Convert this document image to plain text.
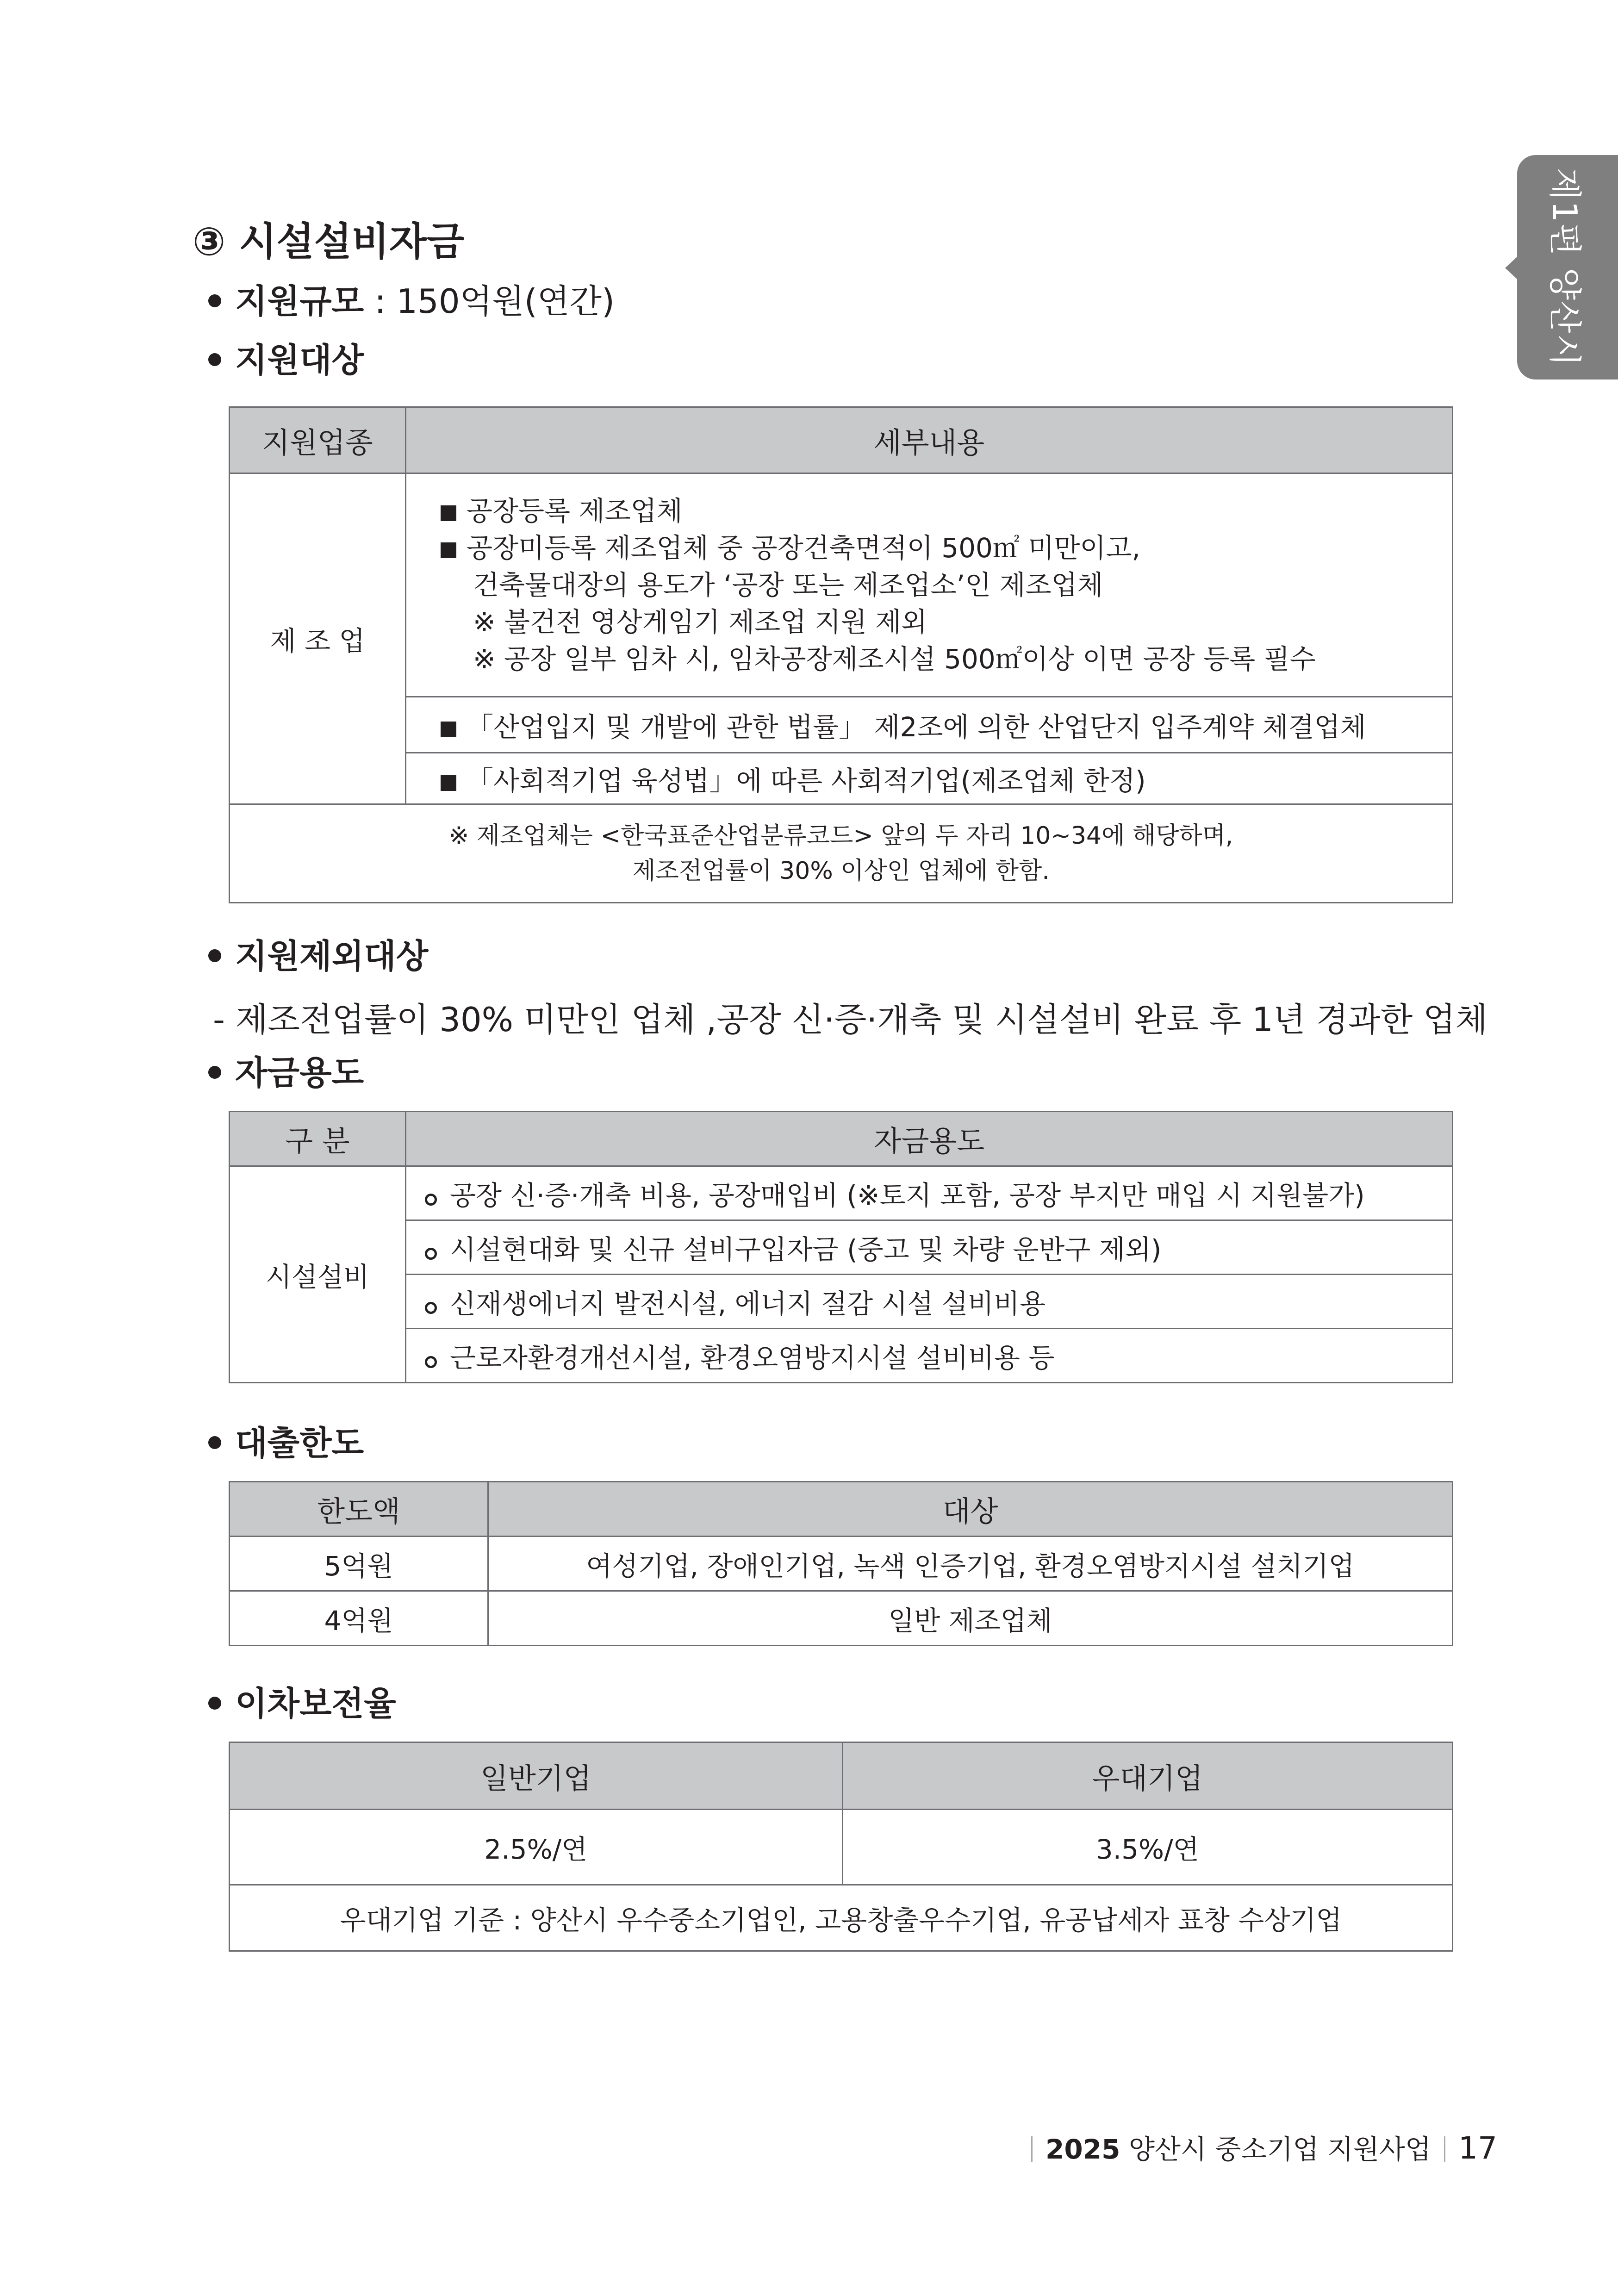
제1편 양산시
③ 시설설비자금
지원규모 : 150억원(연간)
지원대상
지원업종	세부내용
제 조 업	공장등록 제조업체
공장미등록 제조업체 중 공장건축면적이 500㎡ 미만이고,
건축물대장의 용도가 ‘공장 또는 제조업소’인 제조업체
※ 불건전 영상게임기 제조업 지원 제외
※ 공장 일부 임차 시, 임차공장제조시설 500㎡이상 이면 공장 등록 필수

	「산업입지 및 개발에 관한 법률」 제2조에 의한 산업단지 입주계약 체결업체
	「사회적기업 육성법」에 따른 사회적기업(제조업체 한정)

※ 제조업체는 <한국표준산업분류코드> 앞의 두 자리 10~34에 해당하며,
제조전업률이 30% 이상인 업체에 한함.	
지원제외대상
- 제조전업률이 30% 미만인 업체 ,공장 신·증·개축 및 시설설비 완료 후 1년 경과한 업체
자금용도
구 분	자금용도
시설설비	공장 신·증·개축 비용, 공장매입비 (※토지 포함, 공장 부지만 매입 시 지원불가)
	시설현대화 및 신규 설비구입자금 (중고 및 차량 운반구 제외)
	신재생에너지 발전시설, 에너지 절감 시설 설비비용
	근로자환경개선시설, 환경오염방지시설 설비비용 등
대출한도
한도액	대상
5억원	여성기업, 장애인기업, 녹색 인증기업, 환경오염방지시설 설치기업
4억원	일반 제조업체
이차보전율
일반기업	우대기업
2.5%/연	3.5%/연
우대기업 기준 : 양산시 우수중소기업인, 고용창출우수기업, 유공납세자 표창 수상기업	
2025 양산시 중소기업 지원사업 17
